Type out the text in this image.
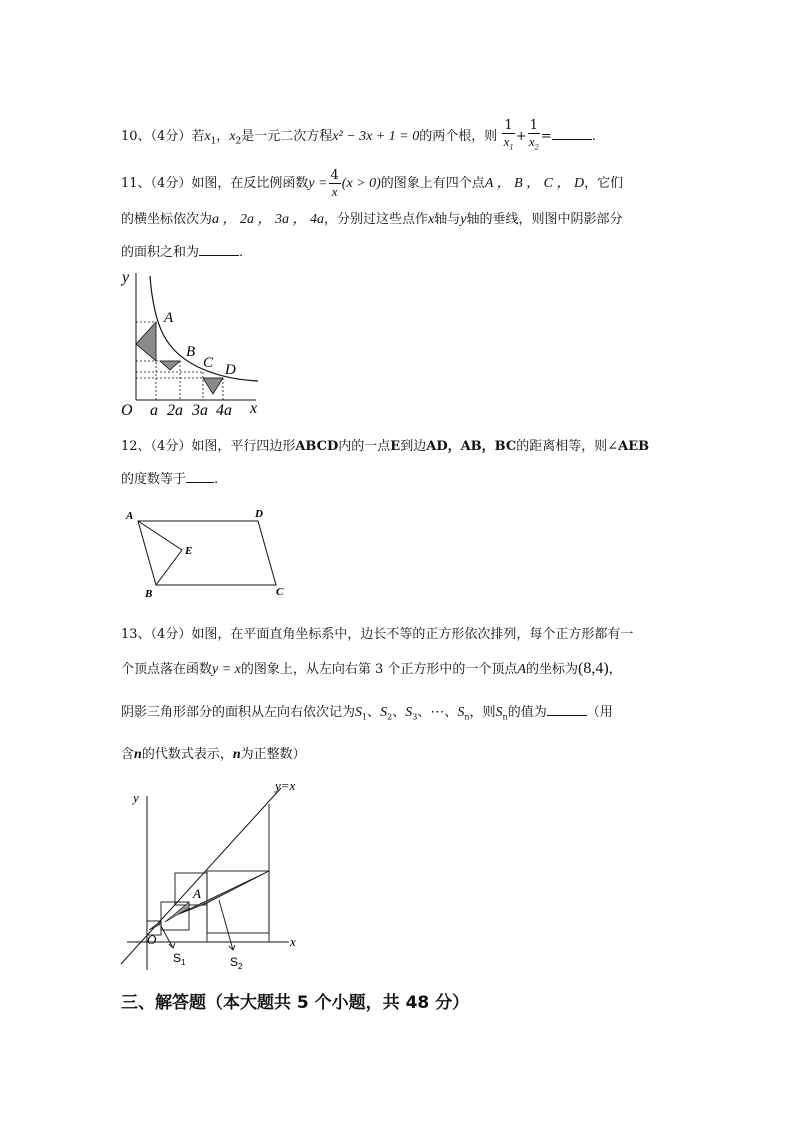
10、（4分）若$x_1$，$x_2$是一元二次方程x² − 3x + 1 = 0的两个根，则 $\frac{1}{x_1} + \frac{1}{x_2}$ =	.
11、（4分）如图，在反比例函数$y = \frac{4}{x} (x > 0)$的图象上有四个点A ， B ， C ， D，它们
的横坐标依次为a ， 2a ， 3a ， 4a，分别过这些点作x轴与y轴的垂线，则图中阴影部分
的面积之和为	.
y
A
B
C D
O a 2a 3a 4a x
12、（4分）如图，平行四边形ABCD内的一点E到边AD，AB，BC的距离相等，则∠AEB
的度数等于 .
A	D
E
B	C
13、（4分）如图，在平面直角坐标系中，边长不等的正方形依次排列，每个正方形都有一
个顶点落在函数y = x的图象上，从左向右第 3 个正方形中的一个顶点A的坐标为(8,4)，
阴影三角形部分的面积从左向右依次记为$S_1$、$S_2$、$S_3$、⋯、$S_n$，则$S_n$的值为	（用
含n的代数式表示，n为正整数）
y
y=x
A
O	x
$S_1$	$S_2$
三、解答题（本大题共 5 个小题，共 48 分）
